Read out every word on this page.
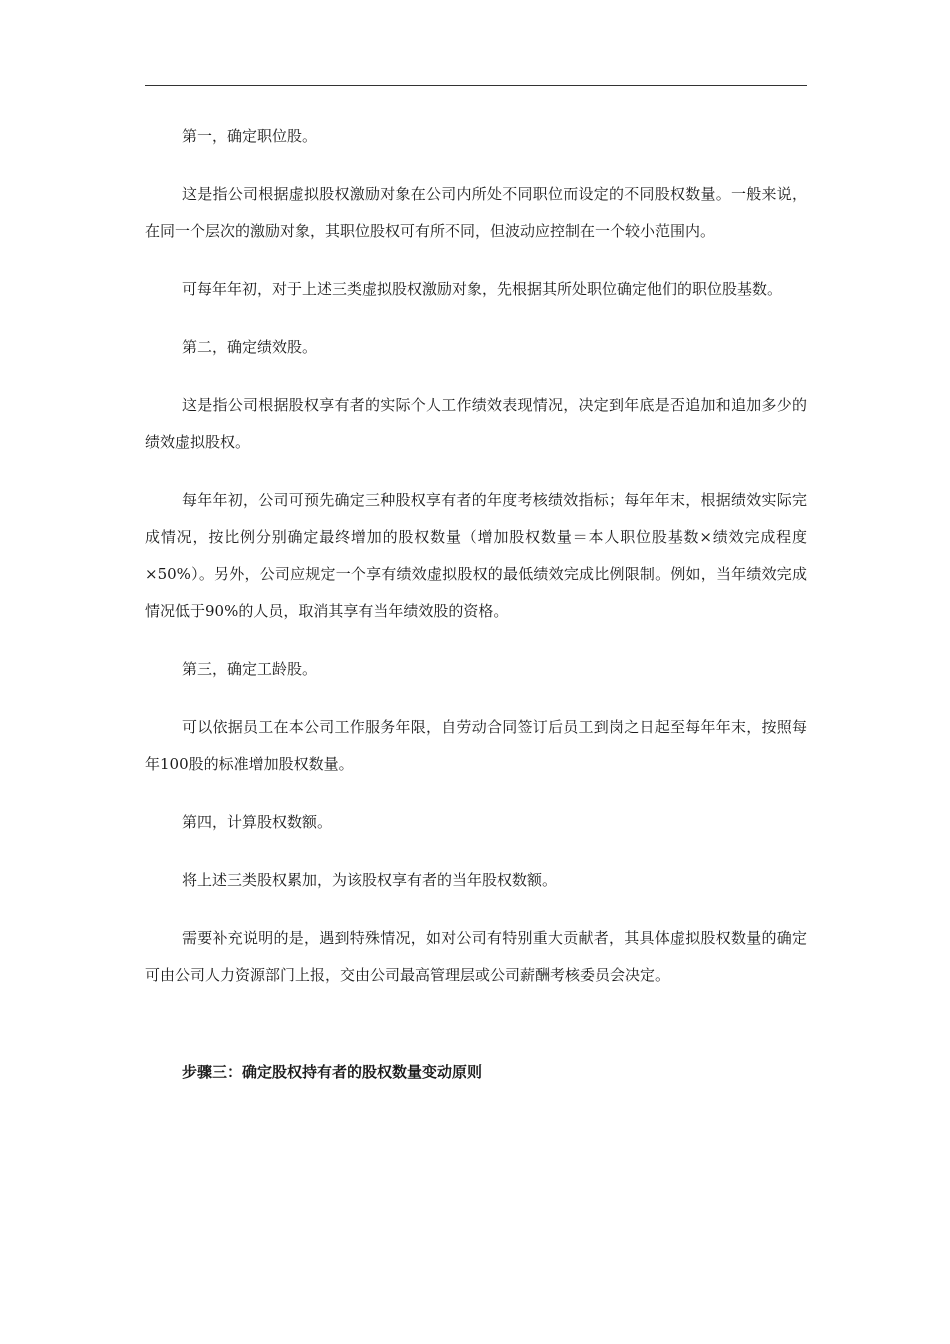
第一，确定职位股。

这是指公司根据虚拟股权激励对象在公司内所处不同职位而设定的不同股权数量。一般来说，在同一个层次的激励对象，其职位股权可有所不同，但波动应控制在一个较小范围内。

可每年年初，对于上述三类虚拟股权激励对象，先根据其所处职位确定他们的职位股基数。

第二，确定绩效股。

这是指公司根据股权享有者的实际个人工作绩效表现情况，决定到年底是否追加和追加多少的绩效虚拟股权。

每年年初，公司可预先确定三种股权享有者的年度考核绩效指标；每年年末，根据绩效实际完成情况，按比例分别确定最终增加的股权数量（增加股权数量＝本人职位股基数×绩效完成程度×50%）。另外，公司应规定一个享有绩效虚拟股权的最低绩效完成比例限制。例如，当年绩效完成情况低于90%的人员，取消其享有当年绩效股的资格。

第三，确定工龄股。

可以依据员工在本公司工作服务年限，自劳动合同签订后员工到岗之日起至每年年末，按照每年100股的标准增加股权数量。

第四，计算股权数额。

将上述三类股权累加，为该股权享有者的当年股权数额。

需要补充说明的是，遇到特殊情况，如对公司有特别重大贡献者，其具体虚拟股权数量的确定可由公司人力资源部门上报，交由公司最高管理层或公司薪酬考核委员会决定。

步骤三：确定股权持有者的股权数量变动原则
